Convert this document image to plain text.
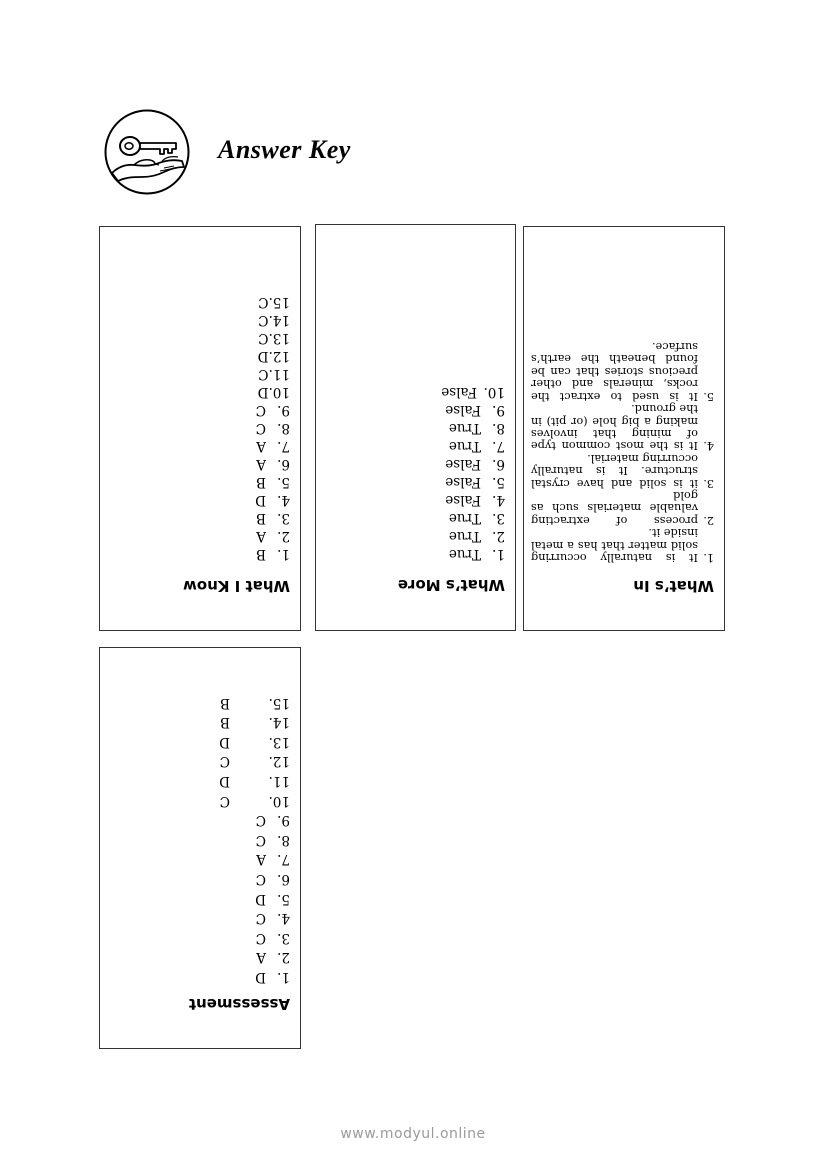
Answer Key
What I Know
1.B
2.A
3.B
4.D
5.B
6.A
7.A
8.C
9.C
10.D
11.C
12.D
13.C
14.C
15.C
What’s More
1.True
2.True
3.True
4.False
5.False
6.False
7.True
8.True
9.False
10.False
What’s In
1.
It is naturally occurring solid matter that has a metal inside it.
2.
process of extracting valuable materials such as gold
3.
it is solid and have crystal structure. It is naturally occurring material.
4.
It is the most common type of mining that involves making a big hole (or pit) in the ground.
5.
It is used to extract the rocks, minerals and other precious stories that can be found beneath the earth’s surface.
Assessment
1.D
2.A
3.C
4.C
5.D
6.C
7.A
8.C
9.C
10.
C
11.
D
12.
C
13.
D
14.
B
15.
B
www.modyul.online
